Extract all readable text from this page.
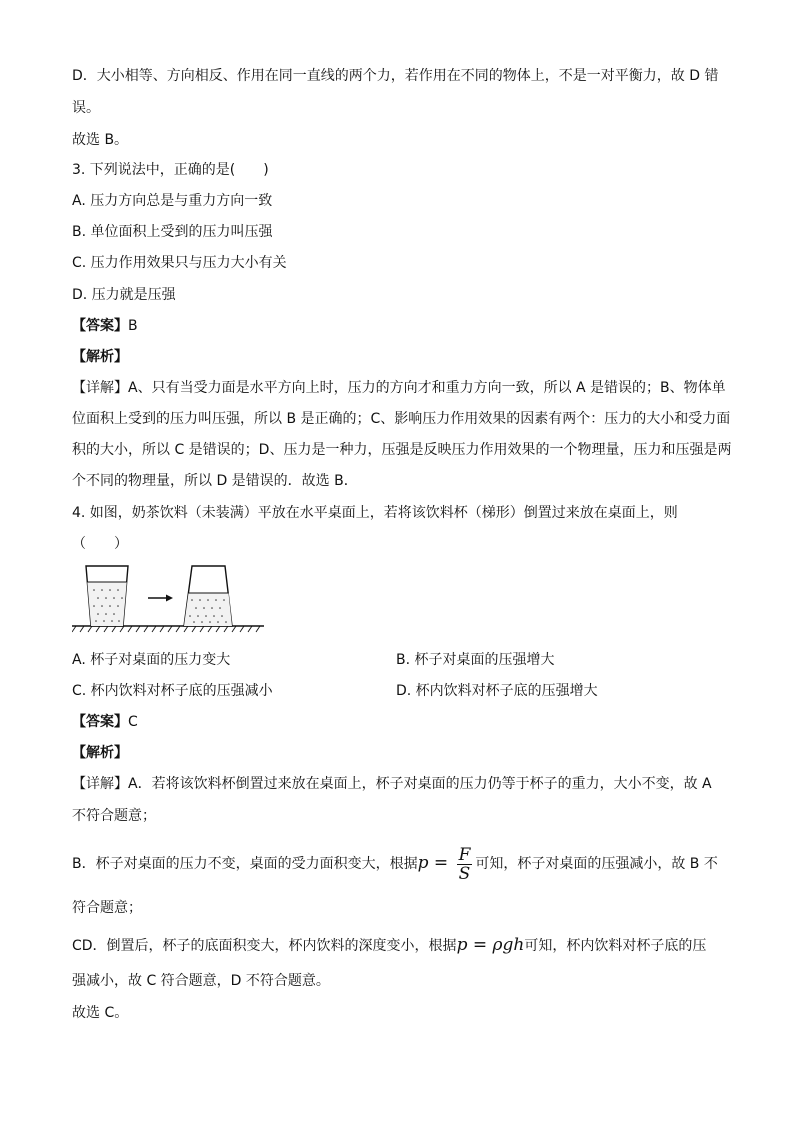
D．大小相等、方向相反、作用在同一直线的两个力，若作用在不同的物体上，不是一对平衡力，故 D 错
误。
故选 B。
3. 下列说法中，正确的是(　　)
A. 压力方向总是与重力方向一致
B. 单位面积上受到的压力叫压强
C. 压力作用效果只与压力大小有关
D. 压力就是压强
【答案】B
【解析】
【详解】A、只有当受力面是水平方向上时，压力的方向才和重力方向一致，所以 A 是错误的；B、物体单
位面积上受到的压力叫压强，所以 B 是正确的；C、影响压力作用效果的因素有两个：压力的大小和受力面
积的大小，所以 C 是错误的；D、压力是一种力，压强是反映压力作用效果的一个物理量，压力和压强是两
个不同的物理量，所以 D 是错误的．故选 B．
4. 如图，奶茶饮料（未装满）平放在水平桌面上，若将该饮料杯（梯形）倒置过来放在桌面上，则
（　　）
A. 杯子对桌面的压力变大	B. 杯子对桌面的压强增大
C. 杯内饮料对杯子底的压强减小	D. 杯内饮料对杯子底的压强增大
【答案】C
【解析】
【详解】A．若将该饮料杯倒置过来放在桌面上，杯子对桌面的压力仍等于杯子的重力，大小不变，故 A
不符合题意；
B．杯子对桌面的压力不变，桌面的受力面积变大，根据$p = \frac{F}{S}$ 可知，杯子对桌面的压强减小，故 B 不
符合题意；
CD．倒置后，杯子的底面积变大，杯内饮料的深度变小，根据p = ρgh可知，杯内饮料对杯子底的压
强减小，故 C 符合题意，D 不符合题意。
故选 C。
